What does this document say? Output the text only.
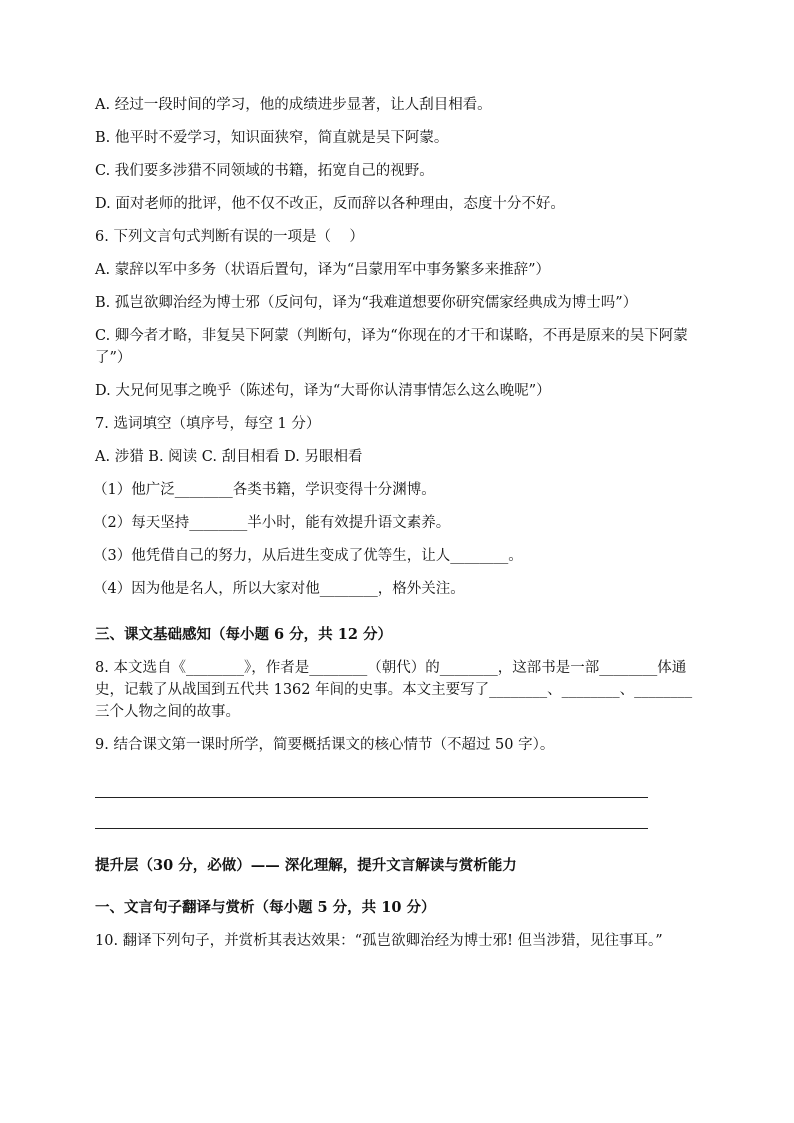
A. 经过一段时间的学习，他的成绩进步显著，让人刮目相看。
B. 他平时不爱学习，知识面狭窄，简直就是吴下阿蒙。
C. 我们要多涉猎不同领域的书籍，拓宽自己的视野。
D. 面对老师的批评，他不仅不改正，反而辞以各种理由，态度十分不好。
6. 下列文言句式判断有误的一项是（    ）
A. 蒙辞以军中多务（状语后置句，译为“吕蒙用军中事务繁多来推辞”）
B. 孤岂欲卿治经为博士邪（反问句，译为“我难道想要你研究儒家经典成为博士吗”）
C. 卿今者才略，非复吴下阿蒙（判断句，译为“你现在的才干和谋略，不再是原来的吴下阿蒙了”）
D. 大兄何见事之晚乎（陈述句，译为“大哥你认清事情怎么这么晚呢”）
7. 选词填空（填序号，每空 1 分）
A. 涉猎 B. 阅读 C. 刮目相看 D. 另眼相看
（1）他广泛________各类书籍，学识变得十分渊博。
（2）每天坚持________半小时，能有效提升语文素养。
（3）他凭借自己的努力，从后进生变成了优等生，让人________。
（4）因为他是名人，所以大家对他________，格外关注。
三、课文基础感知（每小题 6 分，共 12 分）
8. 本文选自《________》，作者是________（朝代）的________，这部书是一部________体通史，记载了从战国到五代共 1362 年间的史事。本文主要写了________、________、________三个人物之间的故事。
9. 结合课文第一课时所学，简要概括课文的核心情节（不超过 50 字）。
提升层（30 分，必做）—— 深化理解，提升文言解读与赏析能力
一、文言句子翻译与赏析（每小题 5 分，共 10 分）
10. 翻译下列句子，并赏析其表达效果：“孤岂欲卿治经为博士邪! 但当涉猎，见往事耳。”
